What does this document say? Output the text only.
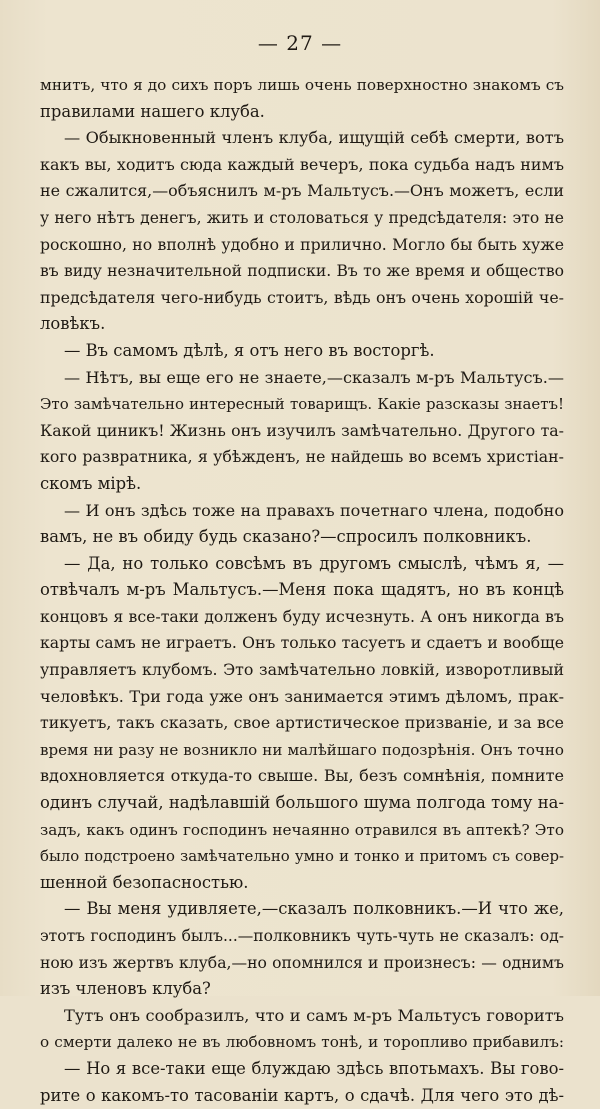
— 27 —
мнитъ, что я до сихъ поръ лишь очень поверхностно знакомъ съ
правилами нашего клуба.
— Обыкновенный членъ клуба, ищущій себѣ смерти, вотъ
какъ вы, ходитъ сюда каждый вечеръ, пока судьба надъ нимъ
не сжалится,—объяснилъ м-ръ Мальтусъ.—Онъ можетъ, если
у него нѣтъ денегъ, жить и столоваться у предсѣдателя: это не
роскошно, но вполнѣ удобно и прилично. Могло бы быть хуже
въ виду незначительной подписки. Въ то же время и общество
предсѣдателя чего-нибудь стоитъ, вѣдь онъ очень хорошій че-
ловѣкъ.
— Въ самомъ дѣлѣ, я отъ него въ восторгѣ.
— Нѣтъ, вы еще его не знаете,—сказалъ м-ръ Мальтусъ.—
Это замѣчательно интересный товарищъ. Какіе разсказы знаетъ!
Какой циникъ! Жизнь онъ изучилъ замѣчательно. Другого та-
кого развратника, я убѣжденъ, не найдешь во всемъ христіан-
скомъ мірѣ.
— И онъ здѣсь тоже на правахъ почетнаго члена, подобно
вамъ, не въ обиду будь сказано?—спросилъ полковникъ.
— Да, но только совсѣмъ въ другомъ смыслѣ, чѣмъ я, —
отвѣчалъ м-ръ Мальтусъ.—Меня пока щадятъ, но въ концѣ
концовъ я все-таки долженъ буду исчезнуть. А онъ никогда въ
карты самъ не играетъ. Онъ только тасуетъ и сдаетъ и вообще
управляетъ клубомъ. Это замѣчательно ловкій, изворотливый
человѣкъ. Три года уже онъ занимается этимъ дѣломъ, прак-
тикуетъ, такъ сказать, свое артистическое призваніе, и за все
время ни разу не возникло ни малѣйшаго подозрѣнія. Онъ точно
вдохновляется откуда-то свыше. Вы, безъ сомнѣнія, помните
одинъ случай, надѣлавшій большого шума полгода тому на-
задъ, какъ одинъ господинъ нечаянно отравился въ аптекѣ? Это
было подстроено замѣчательно умно и тонко и притомъ съ совер-
шенной безопасностью.
— Вы меня удивляете,—сказалъ полковникъ.—И что же,
этотъ господинъ былъ...—полковникъ чуть-чуть не сказалъ: од-
ною изъ жертвъ клуба,—но опомнился и произнесъ: — однимъ
изъ членовъ клуба?
Тутъ онъ сообразилъ, что и самъ м-ръ Мальтусъ говоритъ
о смерти далеко не въ любовномъ тонѣ, и торопливо прибавилъ:
— Но я все-таки еще блуждаю здѣсь впотьмахъ. Вы гово-
рите о какомъ-то тасованіи картъ, о сдачѣ. Для чего это дѣ-
